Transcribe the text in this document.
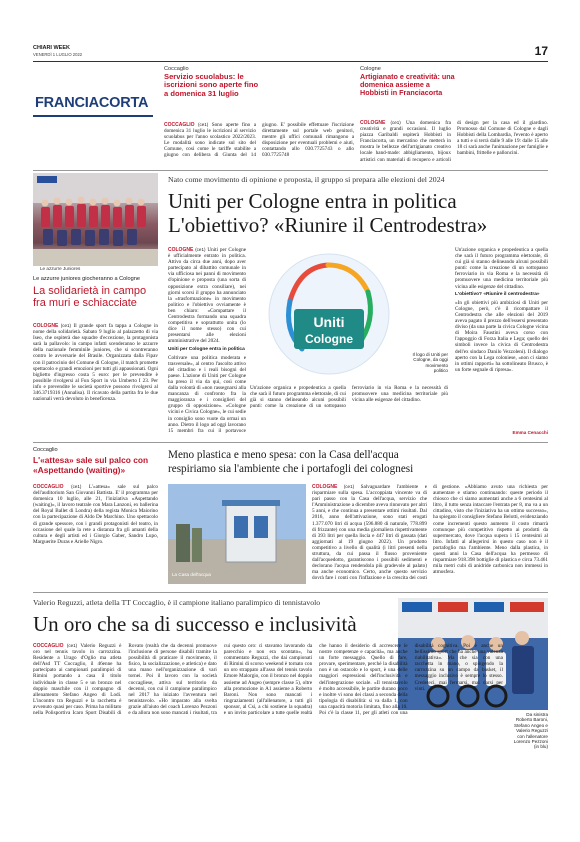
CHIARI WEEK
VENERDÌ 1 LUGLIO 2022	17
FRANCIACORTA
Coccaglio
Servizio scuolabus: le iscrizioni sono aperte fino a domenica 31 luglio
COCCAGLIO (ce1) Sono aperte fino a domenica 31 luglio le iscrizioni al servizio scuolabus per l'anno scolastico 2022/2023. Le modalità sono indicate sul sito del Comune, così come le tariffe stabilite a giugno con delibera di Giunta del 14 giugno. E' possibile effettuare l'iscrizione direttamente sul portale web genitori, mentre gli uffici comunali rimangono a disposizione per eventuali problemi e aiuti, contattando allo 030.7725743 o allo 030.7725748
Cologne
Artigianato e creatività: una domenica assieme a Hobbisti in Franciacorta
COLOGNE (ce1) Una domenica fra creatività e grandi occasioni. Il luglio piazza Garibaldi ospiterà Hobbisti in Franciacorta, un mercatino che metterà in mostra le bellezze dell'artigianato creativo locale hand-made: abbigliamento, bijoux artistici con materiali di recupero e articoli di design per la casa ed il giardino. Promosso dal Comune di Cologne e dagli Hobbisti della Lombardia, l'evento è aperto a tutti e si terrà dalle 9 alle 19: dalle 15 alle 18 ci sarà anche l'animazione per famiglie e bambini, frittelle e palloncini.
Le azzurre Juniores
Le azzurre juniores giocheranno a Cologne
La solidarietà in campo fra muri e schiacciate
COLOGNE (ce1) Il grande sport fa tappa a Cologne in nome della solidarietà. Sabato 9 luglio al palazzetto di via Iseo, che ospiterà due squadre d'eccezione, la protagonista sarà la pallavolo: in campo infatti scenderanno le azzurre della nazionale femminile juniores, che si scontreranno contro le avversarie del Brasile. Organizzata dalla Fipav con il patrocinio del Comune di Cologne, il match promette spettacolo e grandi emozioni per tutti gli appassionati. Ogni biglietto d'ingresso costa 5 euro: per le prevendite è possibile rivolgersi al Fun Sport in via Umberto I 23. Per info e prevendite le società sportive possono rivolgersi al 346.3719316 (Annalisa). Il ricavato della partita fra le due nazionali verrà devoluto in beneficenza.
Nato come movimento di opinione e proposta, il gruppo si prepara alle elezioni del 2024
Uniti per Cologne entra in politica
L'obiettivo? «Riunire il Centrodestra»
COLOGNE (ce1) Uniti per Cologne è ufficialmente entrato in politica. Attivo da circa due anni, dopo aver partecipato al dibattito comunale in via ufficiosa nei panni di movimento d'opinione e proposta (una sorta di opposizione extra consiliare), nei giorni scorsi il gruppo ha annunciato la «trasformazione» in movimento politico e l'obiettivo ovviamente è ben chiaro: «Compattare il Centrodestra formando una squadra competitiva e soprattutto unita (lo dice il nome stesso) con cui presentarsi alle elezioni amministrative del 2024.
Uniti per Cologne entra in politica
Coltivare una politica moderata e trasversale», al centro l'ascolto attivo del cittadino e i reali bisogni del paese. L'azione di Uniti per Cologne ha preso il via da qui, così come dalla volontà di «non rassegnarsi alla mancanza di confronto fra la maggioranza e i consiglieri del gruppo di opposizione». «Cologne vicini e Civica Cologne», le cui sedie in consiglio sono vuote da ormai un anno. Dietro il logo ad oggi lavorano 15 membri fra cui il portavoce
Uniti
Cologne
Il logo di Uniti per Cologne, da oggi movimento politico
Un'azione organica e propedeutica a quella che sarà il futuro programma elettorale, di cui già si stanno delineando alcuni possibili punti: come la creazione di un sottopasso ferroviario in via Roma e la necessità di promuovere una medicina territoriale più vicina alle esigenze del cittadino.
Un'azione organica e propedeutica a quella che sarà il futuro programma elettorale, di cui già si stanno delineando alcuni possibili punti: come la creazione di un sottopasso ferroviario in via Roma e la necessità di promuovere una medicina territoriale più vicina alle esigenze del cittadino.
L'obiettivo? «Riunire il centrodestra»
«In gli obiettivi più ambiziosi di Uniti per Cologne, però, c'è il ricompattare il Centrodestra che alle elezioni del 2019 aveva pagato il prezzo dell'essersi presentato diviso (da una parte la civica Cologne vicina di Moira Faustini aveva corso con l'appoggio di Forza Italia e Lega; quello dei simboli invece la civica di Centrodestra dell'ex sindaco Danilo Vezzoleni). Il dialogo aperto con la Lega coloniese, «non ci siamo in ottimi rapporti» ha sottolineato Brusco, è un forte segnale di ripresa».
Emma Cenacchi
Coccaglio
L'«attesa» sale sul palco con «Aspettando (waiting)»
COCCAGLIO (ce1) L'«attesa» sale sul palco dell'auditorium San Giovanni Battista. E' il programma per domenica 10 luglio, alle 21, l'iniziativa «Aspettando (waiting)», il lavoro teatrale con Mara Lanzoni, ex ballerina del Royal Ballet di Londra) della regista Monica Maiorino con la partecipazione di Aldo De Marchino. Uno spettacolo di grande spessore, con i grandi protagonisti del teatro, in occasione del quale la rete a distanza fra gli amanti della cultura e degli artisti ed i Giorgio Gaber, Sandro Lupo, Marguerite Duras e Arielle Nigro.
Meno plastica e meno spesa: con la Casa dell'acqua
respiriamo sia l'ambiente che i portafogli dei colognesi
La Casa dell'acqua
COLOGNE (ce1) Salvaguardare l'ambiente e risparmiare sulla spesa. L'accoppiata vincente va di pari passo con la Casa dell'acqua, servizio che l'Amministrazione a dicembre aveva rinnovato per altri 5 anni, e che continua a presentare ottimi risultati. Dal 2016, anno dell'attivazione, sono stati erogati 1.377.070 litri di acqua (596.880 di naturale, 778.899 di frizzante) con una media giornaliera rispettivamente di 393 litri per quella liscia e 447 litri di gassata (dati aggiornati al 19 giugno 2022). Un prodotto competitivo a livello di qualità (i litri presenti nella struttura, da cui passa il flusso proveniente dall'acquedotto, garantiscono i possibili sedimenti e declorano l'acqua rendendola più gradevole al palato) ma anche economico. Certo, anche questo servizio dovrà fare i conti con l'inflazione e la crescita dei costi di gestione. «Abbiamo avuto una richiesta per aumentare e stiamo continuando: queste periodo il chiosco che ci siamo aumentati anche a 6 centesimi al litro, il tutto senza intaccare l'entrata per 8, ma va a un cittadino, visto che l'iniziativa ha un ottimo successo», ha spiegato il consigliere Stefano Belotti, evidenziando come incrementi questo aumento il costo rimarrà comunque più competitivo rispetto ai prodotti da supermercato, dove l'acqua supera i 15 centesimi al litro. Infatti al allegerirsi in questo caso non è il portafoglio ma l'ambiente. Meno dalla plastica, in questi anni la Casa dell'acqua ha permesso di risparmiare 918.398 bottiglie di plastica e circa 73.461 mila metri cubi di anidride carbonica non immessi in atmosfera.
Valerio Reguzzi, atleta della TT Coccaglio, è il campione italiano paralimpico di tennistavolo
Un oro che sa di successo e inclusività
Da sinistra Roberto Baroni, Stefano Angeo e Valerio Reguzzi con l'allenatore Lorenzo Pezzoni (in blu)
COCCAGLIO (ce1) Valerio Reguzzi è oro nel tennis tavolo in carrozzina. Residente a Urago d'Oglio ma atleta dell'Asd TT Coccaglio, il 46enne ha partecipato ai campionati paralimpici di Rimini portando a casa il titolo individuale in classe 5 e un bronzo nel doppio maschile con il compagno di allenamento Stefano Angeo di Lodi. L'incontro tra Reguzzi e la racchetta è avvenuto quasi per caso. Prima ha militato nella Polisportiva Icaro Sport Disabili di Rovato (realtà che da decenni promuove l'inclusione di persone disabili tramite la possibilità di praticare il movimento, il fisico, la socializzazione, e atletica) e dato una mano nell'organizzazione di vari tornei. Poi il lavoro con la società coccagliese, attiva sul territorio da decenni, con cui il campione paralimpico nel 2017 ha iniziato l'avventura nel tennistavolo. «Ho imparato alla svelta grazie all'aiuto del coach Lorenzo Pezzoni e da allora non sono mancati i risultati, tra cui questo oro: ci stavamo lavorando da parecchio e non era scontato», ha commentato Reguzzi, che dai campionati di Rimini di scorso weekend è tornato con un oro strappato all'asso del tennis tavolo Emore Malorgio, con il bronzo nel doppio assieme ad Angeo (sempre classe 5), oltre alla promozione in A1 assieme a Roberto Baroni. Non sono mancati i ringraziamenti (all'allenatore, a tutti gli sponsor, al Csi, a chi sostiene la squadra) e un invito particolare a tutte quelle realtà che hanno il desiderio di accrescere le nostre competenze e capacità», ma anche un forte messaggio. Quello di fare, provare, sperimentare, perché la disabilità non è un ostacolo e lo sport, è una delle maggiori espressioni dell'inclusività e dell'integrazione sociale. «Il tennistavolo è molto accessibile, le partite durano poco e inoltre vi sono dei classi a seconda della tipologia di disabilità: si va dalla 1, con una capacità motoria limitata, fino alla 10. Poi c'è la classe 11, per gli atleti con una disabilità cognitiva. Poi è anche un bellissimo sport che ha anche una valenza riabilitativa». Ma che sia con una racchetta in mano, o spingendo la carrozzina su un campo da basket, il messaggio inclusivo è sempre lo stesso. Credeteci, mai fermarsi, mai darsi per vinti.
